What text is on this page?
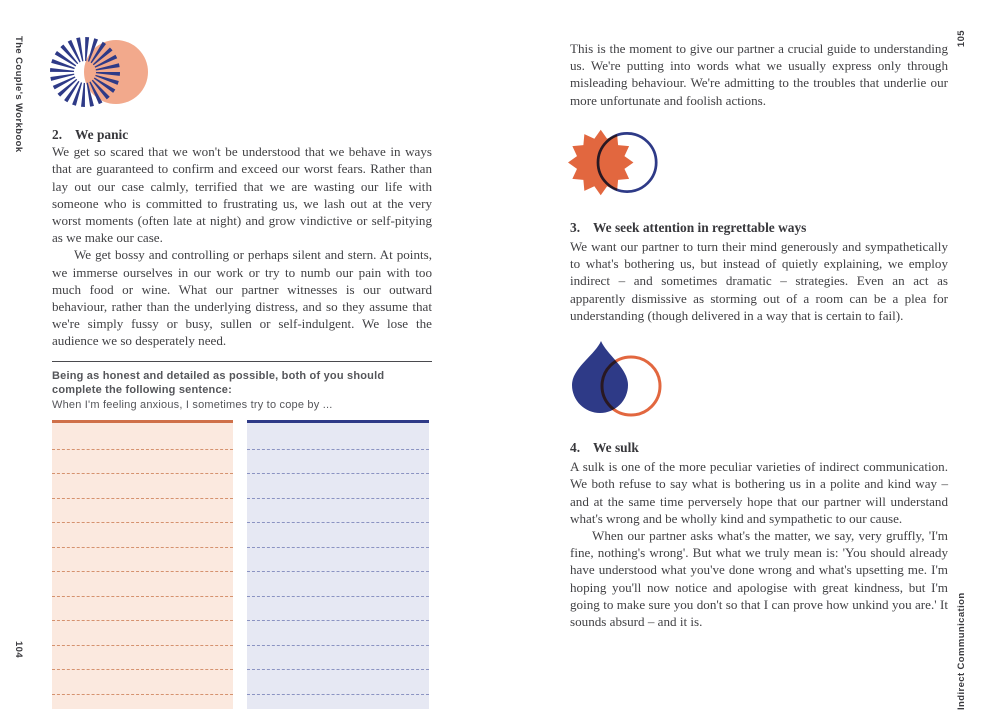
The Couple's Workbook
104

2. We panic

We get so scared that we won't be understood that we behave in ways that are guaranteed to confirm and exceed our worst fears. Rather than lay out our case calmly, terrified that we are wasting our life with someone who is committed to frustrating us, we lash out at the very worst moments (often late at night) and grow vindictive or self-pitying as we make our case.

We get bossy and controlling or perhaps silent and stern. At points, we immerse ourselves in our work or try to numb our pain with too much food or wine. What our partner witnesses is our outward behaviour, rather than the underlying distress, and so they assume that we're simply fussy or busy, sullen or self-indulgent. We lose the audience we so desperately need.

Being as honest and detailed as possible, both of you should

complete the following sentence:

When I'm feeling anxious, I sometimes try to cope by ...

This is the moment to give our partner a crucial guide to understanding us. We're putting into words what we usually express only through misleading behaviour. We're admitting to the troubles that underlie our more unfortunate and foolish actions.

3. We seek attention in regrettable ways

We want our partner to turn their mind generously and sympathetically to what's bothering us, but instead of quietly explaining, we employ indirect – and sometimes dramatic – strategies. Even an act as apparently dismissive as storming out of a room can be a plea for understanding (though delivered in a way that is certain to fail).

4. We sulk

A sulk is one of the more peculiar varieties of indirect communication. We both refuse to say what is bothering us in a polite and kind way – and at the same time perversely hope that our partner will understand what's wrong and be wholly kind and sympathetic to our cause.

When our partner asks what's the matter, we say, very gruffly, 'I'm fine, nothing's wrong'. But what we truly mean is: 'You should already have understood what you've done wrong and what's upsetting me. I'm hoping you'll now notice and apologise with great kindness, but I'm going to make sure you don't so that I can prove how unkind you are.' It sounds absurd – and it is.

105
Indirect Communication
